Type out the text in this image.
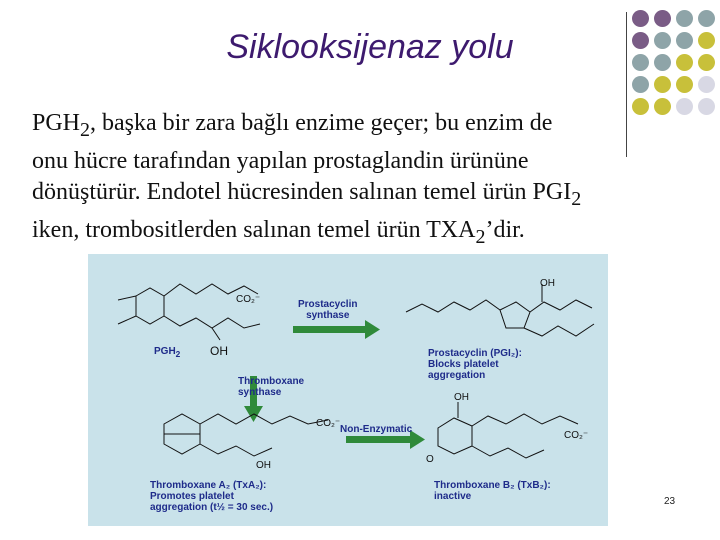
Siklooksijenaz yolu
$PGH_2$, başka bir zara bağlı enzime geçer; bu enzim de
onu hücre tarafından yapılan prostaglandin ürününe
dönüştürür. Endotel hücresinden salınan temel ürün $PGI_2$
iken, trombositlerden salınan temel ürün $TXA_2’dir$.
CO₂⁻
$PGH_2$ OH
Prostacyclin
synthase
OH
Prostacyclin (PGI₂):
Blocks platelet
aggregation
Thromboxane
synthase
Non-Enzymatic
CO₂⁻
OH
Thromboxane A₂ (TxA₂):
Promotes platelet
aggregation (t½ = 30 sec.)
OH
CO₂⁻
O
Thromboxane B₂ (TxB₂):
inactive	23
